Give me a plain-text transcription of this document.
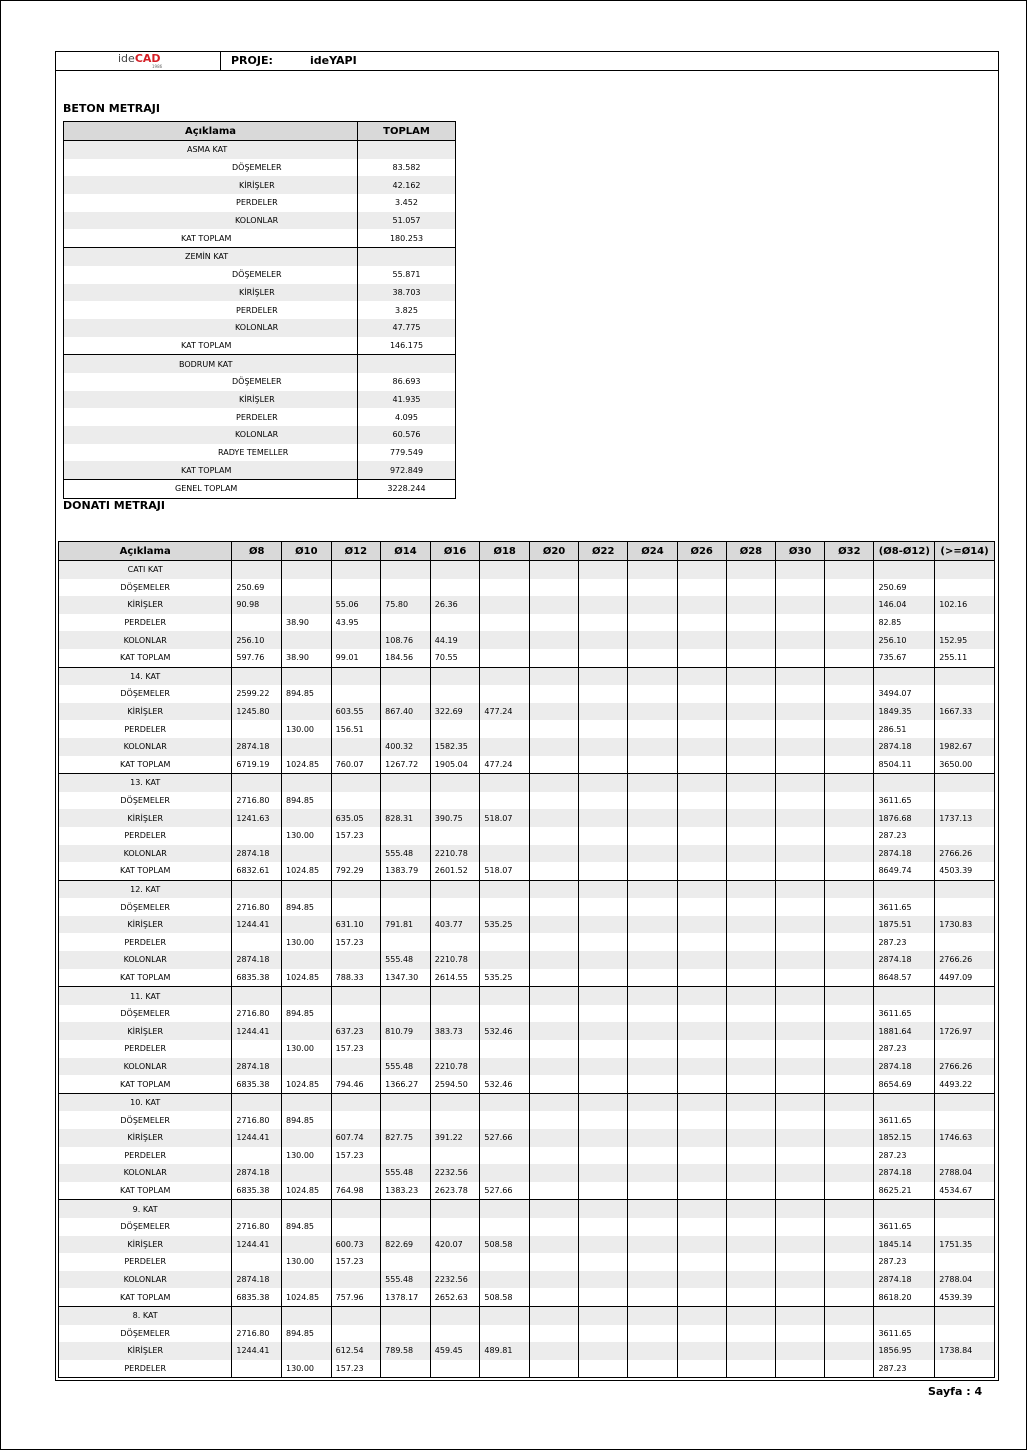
ideCAD
1986	PROJE:	ideYAPI
BETON METRAJI
Açıklama	TOPLAM
ASMA KAT	
DÖŞEMELER	83.582
KİRİŞLER	42.162
PERDELER	3.452
KOLONLAR	51.057
KAT TOPLAM	180.253
ZEMİN KAT	
DÖŞEMELER	55.871
KİRİŞLER	38.703
PERDELER	3.825
KOLONLAR	47.775
KAT TOPLAM	146.175
BODRUM KAT	
DÖŞEMELER	86.693
KİRİŞLER	41.935
PERDELER	4.095
KOLONLAR	60.576
RADYE TEMELLER	779.549
KAT TOPLAM	972.849
GENEL TOPLAM	3228.244
DONATI METRAJI
Açıklama	Ø8	Ø10	Ø12	Ø14	Ø16	Ø18	Ø20	Ø22	Ø24	Ø26	Ø28	Ø30	Ø32	(Ø8-Ø12)	(>=Ø14)
CATI KAT															
DÖŞEMELER	250.69													250.69	
KİRİŞLER	90.98		55.06	75.80	26.36									146.04	102.16
PERDELER		38.90	43.95											82.85	
KOLONLAR	256.10			108.76	44.19									256.10	152.95
KAT TOPLAM	597.76	38.90	99.01	184.56	70.55									735.67	255.11
14. KAT															
DÖŞEMELER	2599.22	894.85												3494.07	
KİRİŞLER	1245.80		603.55	867.40	322.69	477.24								1849.35	1667.33
PERDELER		130.00	156.51											286.51	
KOLONLAR	2874.18			400.32	1582.35									2874.18	1982.67
KAT TOPLAM	6719.19	1024.85	760.07	1267.72	1905.04	477.24								8504.11	3650.00
13. KAT															
DÖŞEMELER	2716.80	894.85												3611.65	
KİRİŞLER	1241.63		635.05	828.31	390.75	518.07								1876.68	1737.13
PERDELER		130.00	157.23											287.23	
KOLONLAR	2874.18			555.48	2210.78									2874.18	2766.26
KAT TOPLAM	6832.61	1024.85	792.29	1383.79	2601.52	518.07								8649.74	4503.39
12. KAT															
DÖŞEMELER	2716.80	894.85												3611.65	
KİRİŞLER	1244.41		631.10	791.81	403.77	535.25								1875.51	1730.83
PERDELER		130.00	157.23											287.23	
KOLONLAR	2874.18			555.48	2210.78									2874.18	2766.26
KAT TOPLAM	6835.38	1024.85	788.33	1347.30	2614.55	535.25								8648.57	4497.09
11. KAT															
DÖŞEMELER	2716.80	894.85												3611.65	
KİRİŞLER	1244.41		637.23	810.79	383.73	532.46								1881.64	1726.97
PERDELER		130.00	157.23											287.23	
KOLONLAR	2874.18			555.48	2210.78									2874.18	2766.26
KAT TOPLAM	6835.38	1024.85	794.46	1366.27	2594.50	532.46								8654.69	4493.22
10. KAT															
DÖŞEMELER	2716.80	894.85												3611.65	
KİRİŞLER	1244.41		607.74	827.75	391.22	527.66								1852.15	1746.63
PERDELER		130.00	157.23											287.23	
KOLONLAR	2874.18			555.48	2232.56									2874.18	2788.04
KAT TOPLAM	6835.38	1024.85	764.98	1383.23	2623.78	527.66								8625.21	4534.67
9. KAT															
DÖŞEMELER	2716.80	894.85												3611.65	
KİRİŞLER	1244.41		600.73	822.69	420.07	508.58								1845.14	1751.35
PERDELER		130.00	157.23											287.23	
KOLONLAR	2874.18			555.48	2232.56									2874.18	2788.04
KAT TOPLAM	6835.38	1024.85	757.96	1378.17	2652.63	508.58								8618.20	4539.39
8. KAT															
DÖŞEMELER	2716.80	894.85												3611.65	
KİRİŞLER	1244.41		612.54	789.58	459.45	489.81								1856.95	1738.84
PERDELER		130.00	157.23											287.23	
Sayfa : 4
